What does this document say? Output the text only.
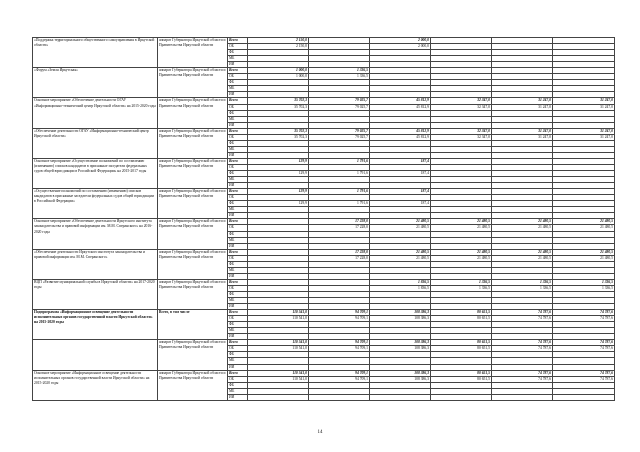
«Поддержка территориального общественного самоуправления в Иркутской области»	аппарат Губернатора Иркутской области и Правительства Иркутской области	Всего	2 150,0		2 000,0			
		ОБ	2 150,0		2 000,0			
		ФБ						
		МБ						
		ИИ						
«Форум «Земля Иркутская»	аппарат Губернатора Иркутской области и Правительства Иркутской области	Всего	1 000,0	1 336,5				
		ОБ	1 000,0	1 336,5				
		ФБ						
		МБ						
		ИИ						
Основное мероприятие «Обеспечение деятельности ОГАУ «Информационно-технический центр Иркутской области» на 2015-2020 годы	аппарат Губернатора Иркутской области и Правительства Иркутской области	Всего	35 702,3	79 025,7	45 812,9	32 347,0	31 247,0	31 247,0
		ОБ	35 702,3	79 025,7	45 812,9	32 347,0	31 247,0	31 247,0
		ФБ						
		МБ						
		ИИ						
«Обеспечение деятельности ОГАУ «Информационно-технический центр Иркутской области»	аппарат Губернатора Иркутской области и Правительства Иркутской области	Всего	35 702,3	79 025,7	45 812,9	32 347,0	31 247,0	31 247,0
		ОБ	35 702,3	79 025,7	45 812,9	32 347,0	31 247,0	31 247,0
		ФБ						
		МБ						
		ИИ						
Основное мероприятие «Осуществление полномочий по составлению (изменению) списков кандидатов в присяжные заседатели федеральных судов общей юрисдикции в Российской Федерации» на 2015-2017 годы	аппарат Губернатора Иркутской области и Правительства Иркутской области	Всего	129,9	1 791,6	187,4			
		ОБ						
		ФБ	129,9	1 791,6	187,4			
		МБ						
		ИИ						
«Осуществление полномочий по составлению (изменению) списков кандидатов в присяжные заседатели федеральных судов общей юрисдикции в Российской Федерации»	аппарат Губернатора Иркутской области и Правительства Иркутской области	Всего	129,9	1 791,6	187,4			
		ОБ						
		ФБ	129,9	1 791,6	187,4			
		МБ						
		ИИ						
Основное мероприятие «Обеспечение деятельности Иркутского института законодательства и правовой информации им. М.М. Сперанского» на 2016-2020 годы	аппарат Губернатора Иркутской области и Правительства Иркутской области	Всего		17 228,0	21 480,5	21 480,5	21 480,5	21 480,5
		ОБ		17 228,0	21 480,5	21 480,5	21 480,5	21 480,5
		ФБ						
		МБ						
		ИИ						
«Обеспечение деятельности Иркутского института законодательства и правовой информации им. М.М. Сперанского»	аппарат Губернатора Иркутской области и Правительства Иркутской области	Всего		17 228,0	21 480,5	21 480,5	21 480,5	21 480,5
		ОБ		17 228,0	21 480,5	21 480,5	21 480,5	21 480,5
		ФБ						
		МБ						
		ИИ						
ВЦП «Развитие муниципальной службы в Иркутской области» на 2017-2020 годы	аппарат Губернатора Иркутской области и Правительства Иркутской области	Всего			1 836,5	1 336,5	1 336,5	1 336,5
		ОБ			1 836,5	1 336,5	1 336,5	1 336,5
		ФБ						
		МБ						
		ИИ						
Подпрограмма «Информационное освещение деятельности исполнительных органов государственной власти Иркутской области» на 2015-2020 годы	Всего, в том числе	Всего	110 541,0	94 709,1	108 386,3	80 651,5	74 787,6	74 787,6
		ОБ	110 541,0	94 709,1	108 386,3	80 651,5	74 787,6	74 787,6
		ФБ						
		МБ						
		ИИ						
	аппарат Губернатора Иркутской области и Правительства Иркутской области	Всего	110 541,0	94 709,1	108 386,3	80 651,5	74 787,6	74 787,6
		ОБ	110 541,0	94 709,1	108 386,3	80 651,5	74 787,6	74 787,6
		ФБ						
		МБ						
		ИИ						
Основное мероприятие «Информационное освещение деятельности исполнительных органов государственной власти Иркутской области» на 2015-2020 годы	аппарат Губернатора Иркутской области и Правительства Иркутской области	Всего	110 541,0	94 709,1	108 386,3	80 651,5	74 787,6	74 787,6
		ОБ	110 541,0	94 709,1	108 386,3	80 651,5	74 787,6	74 787,6
		ФБ						
		МБ						
		ИИ						
14
